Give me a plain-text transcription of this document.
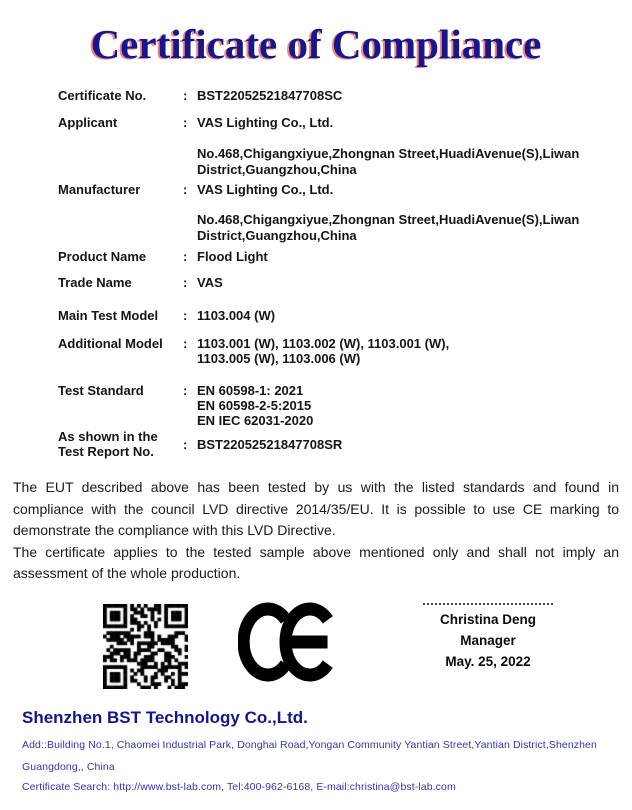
Certificate of Compliance
Certificate No.	: BST22052521847708SC
Applicant	: VAS Lighting Co., Ltd.
No.468,Chigangxiyue,Zhongnan Street,HuadiAvenue(S),Liwan
District,Guangzhou,China
Manufacturer	: VAS Lighting Co., Ltd.
No.468,Chigangxiyue,Zhongnan Street,HuadiAvenue(S),Liwan
District,Guangzhou,China
Product Name	: Flood Light
Trade Name	: VAS
Main Test Model	: 1103.004 (W)
Additional Model	: 1103.001 (W), 1103.002 (W), 1103.001 (W),
1103.005 (W), 1103.006 (W)
Test Standard	: EN 60598-1: 2021
EN 60598-2-5:2015
EN IEC 62031-2020
As shown in the
Test Report No.	: BST22052521847708SR

The EUT described above has been tested by us with the listed standards and found in compliance with the council LVD directive 2014/35/EU. It is possible to use CE marking to demonstrate the compliance with this LVD Directive.

The certificate applies to the tested sample above mentioned only and shall not imply an assessment of the whole production.

Christina Deng
Manager
May. 25, 2022
Shenzhen BST Technology Co.,Ltd.
Add::Building No.1, Chaomei Industrial Park, Donghai Road,Yongan Community Yantian Street,Yantian District,Shenzhen
Guangdong,, China
Certificate Search: http://www.bst-lab.com, Tel:400-962-6168, E-mail:christina@bst-lab.com
